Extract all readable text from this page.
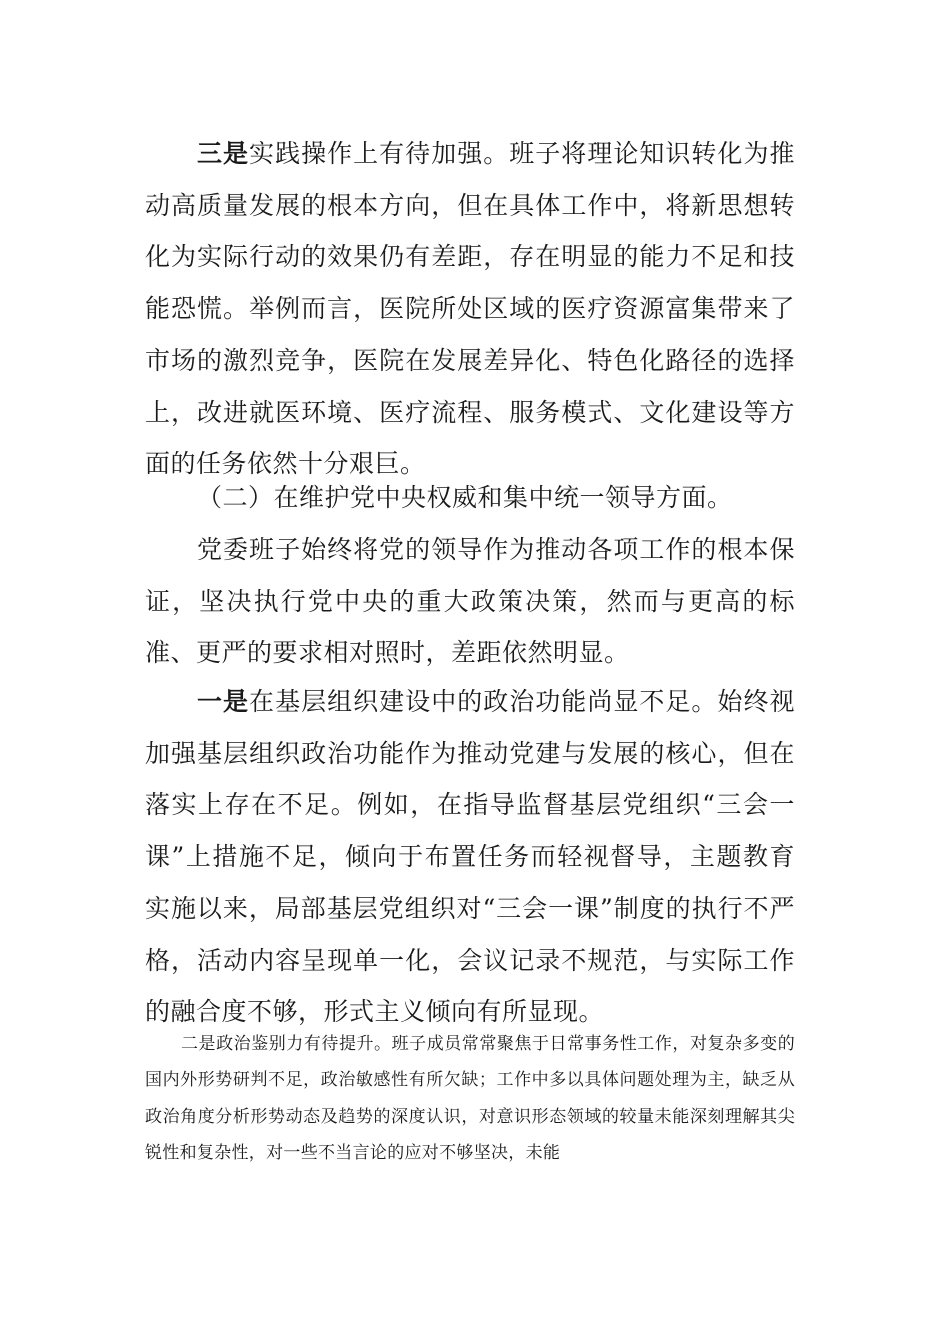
三是实践操作上有待加强。班子将理论知识转化为推动高质量发展的根本方向，但在具体工作中，将新思想转化为实际行动的效果仍有差距，存在明显的能力不足和技能恐慌。举例而言，医院所处区域的医疗资源富集带来了市场的激烈竞争，医院在发展差异化、特色化路径的选择上，改进就医环境、医疗流程、服务模式、文化建设等方面的任务依然十分艰巨。

（二）在维护党中央权威和集中统一领导方面。

党委班子始终将党的领导作为推动各项工作的根本保证，坚决执行党中央的重大政策决策，然而与更高的标准、更严的要求相对照时，差距依然明显。

一是在基层组织建设中的政治功能尚显不足。始终视加强基层组织政治功能作为推动党建与发展的核心，但在落实上存在不足。例如，在指导监督基层党组织“三会一课”上措施不足，倾向于布置任务而轻视督导，主题教育实施以来，局部基层党组织对“三会一课”制度的执行不严格，活动内容呈现单一化，会议记录不规范，与实际工作的融合度不够，形式主义倾向有所显现。

二是政治鉴别力有待提升。班子成员常常聚焦于日常事务性工作，对复杂多变的国内外形势研判不足，政治敏感性有所欠缺；工作中多以具体问题处理为主，缺乏从政治角度分析形势动态及趋势的深度认识，对意识形态领域的较量未能深刻理解其尖锐性和复杂性，对一些不当言论的应对不够坚决，未能
